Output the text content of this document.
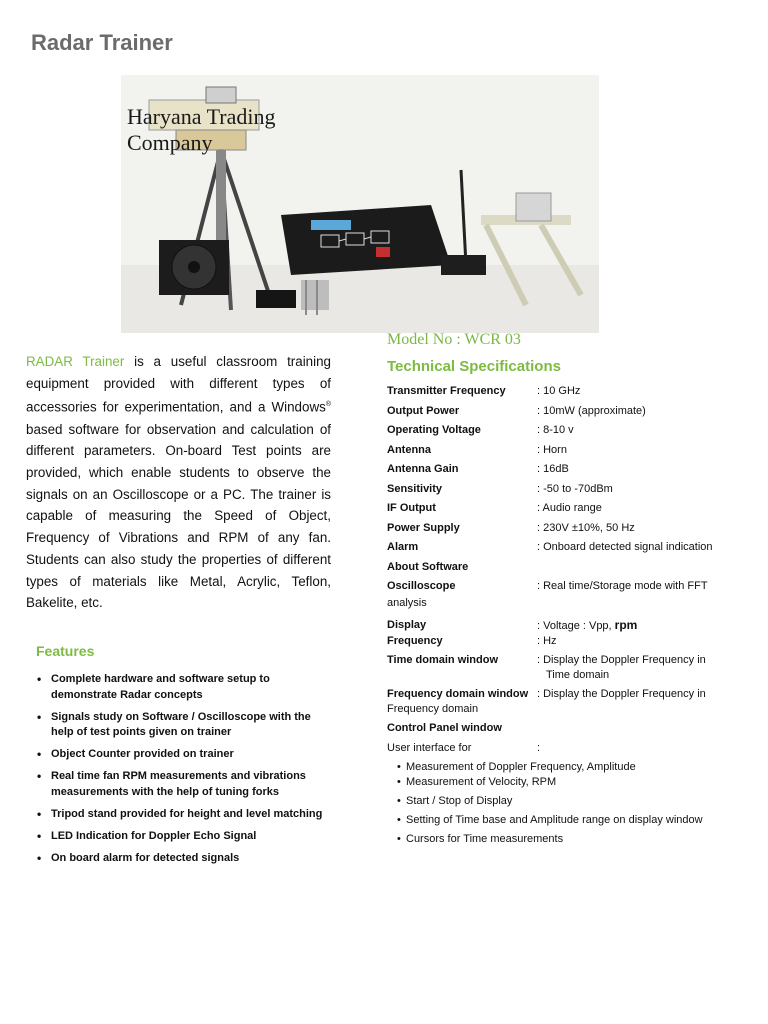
Radar Trainer
Haryana Trading
Company
Model No : WCR 03
Technical Specifications
RADAR Trainer is a useful classroom training equipment provided with different types of accessories for experimentation, and a Windows® based software for observation and calculation of different parameters. On-board Test points are provided, which enable students to observe the signals on an Oscilloscope or a PC. The trainer is capable of measuring the Speed of Object, Frequency of Vibrations and RPM of any fan. Students can also study the properties of different types of materials like Metal, Acrylic, Teflon, Bakelite, etc.
Features
• Complete hardware and software setup to demonstrate Radar concepts
• Signals study on Software / Oscilloscope with the help of test points given on trainer
• Object Counter provided on trainer
• Real time fan RPM measurements and vibrations measurements with the help of tuning forks
• Tripod stand provided for height and level matching
• LED Indication for Doppler Echo Signal
• On board alarm for detected signals
Transmitter Frequency	: 10 GHz
Output Power	: 10mW (approximate)
Operating Voltage	: 8-10 v
Antenna	: Horn
Antenna Gain	: 16dB
Sensitivity	: -50 to -70dBm
IF Output	: Audio range
Power Supply	: 230V ±10%, 50 Hz
Alarm	: Onboard detected signal indication
About Software
Oscilloscope	: Real time/Storage mode with FFT
analysis
Display	: Voltage : Vpp, rpm
Frequency	: Hz
Time domain window	: Display the Doppler Frequency in
Time domain
Frequency domain window : Display the Doppler Frequency in
Frequency domain
Control Panel window
User interface for	:
• Measurement of Doppler Frequency, Amplitude
• Measurement of Velocity, RPM
• Start / Stop of Display
• Setting of Time base and Amplitude range on display window
• Cursors for Time measurements
